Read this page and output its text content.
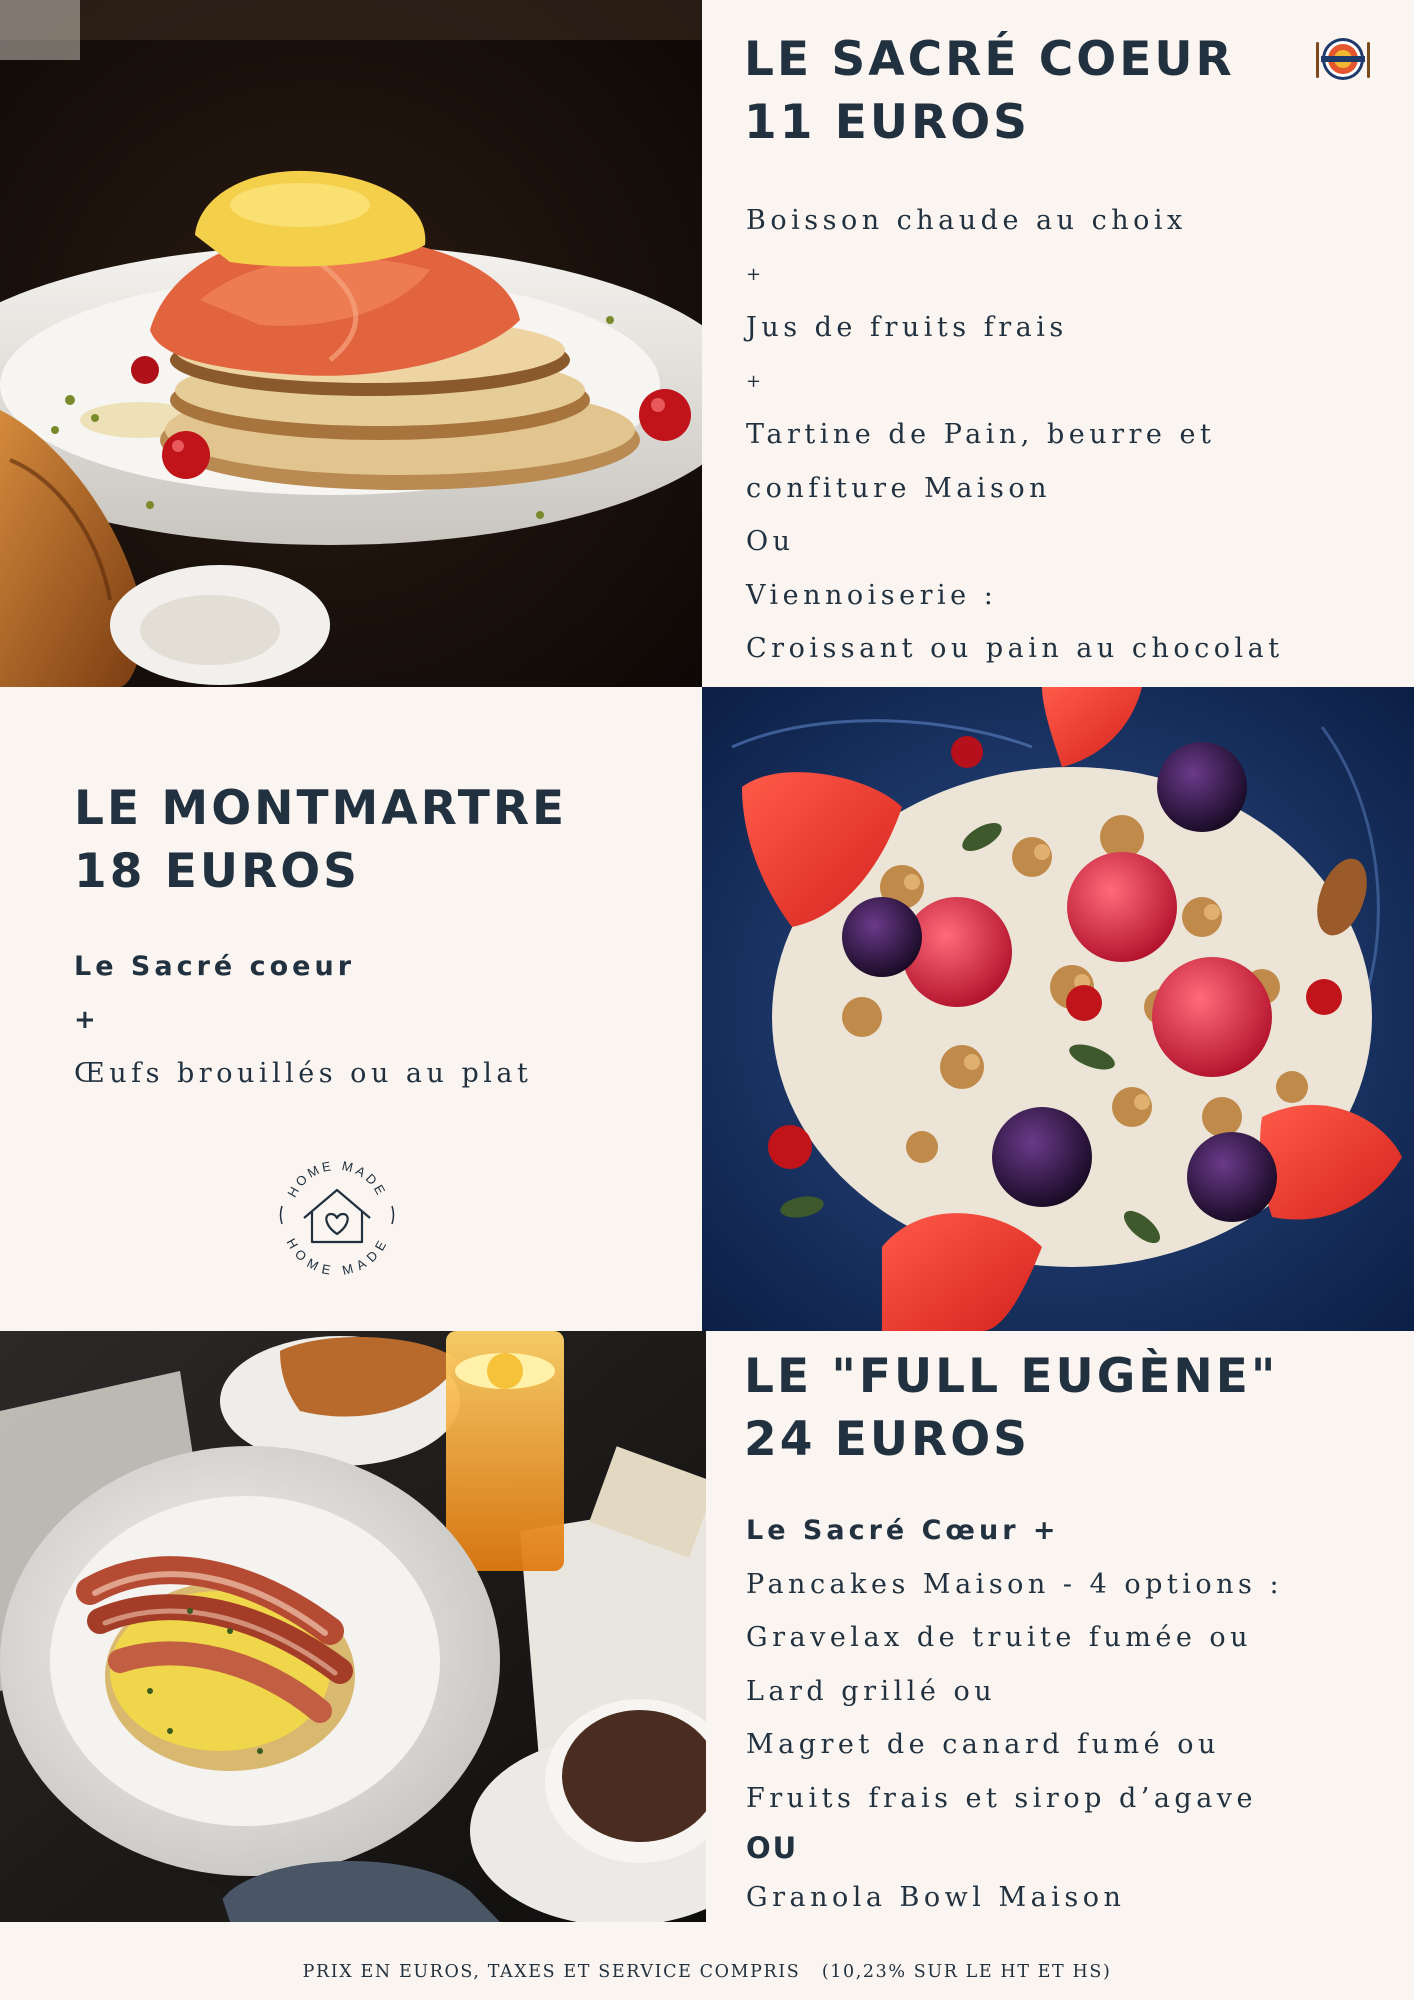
LE SACRÉ COEUR
11 EUROS
Boisson chaude au choix
+
Jus de fruits frais
+
Tartine de Pain, beurre et
confiture Maison
Ou
Viennoiserie :
Croissant ou pain au chocolat
LE MONTMARTRE
18 EUROS
Le Sacré coeur
+
Œufs brouillés ou au plat
HOME MADE
HOME MADE
LE "FULL EUGÈNE"
24 EUROS
Le Sacré Cœur +
Pancakes Maison - 4 options :
Gravelax de truite fumée ou
Lard grillé ou
Magret de canard fumé ou
Fruits frais et sirop d’agave
OU
Granola Bowl Maison
PRIX EN EUROS, TAXES ET SERVICE COMPRIS   (10,23% SUR LE HT ET HS)
